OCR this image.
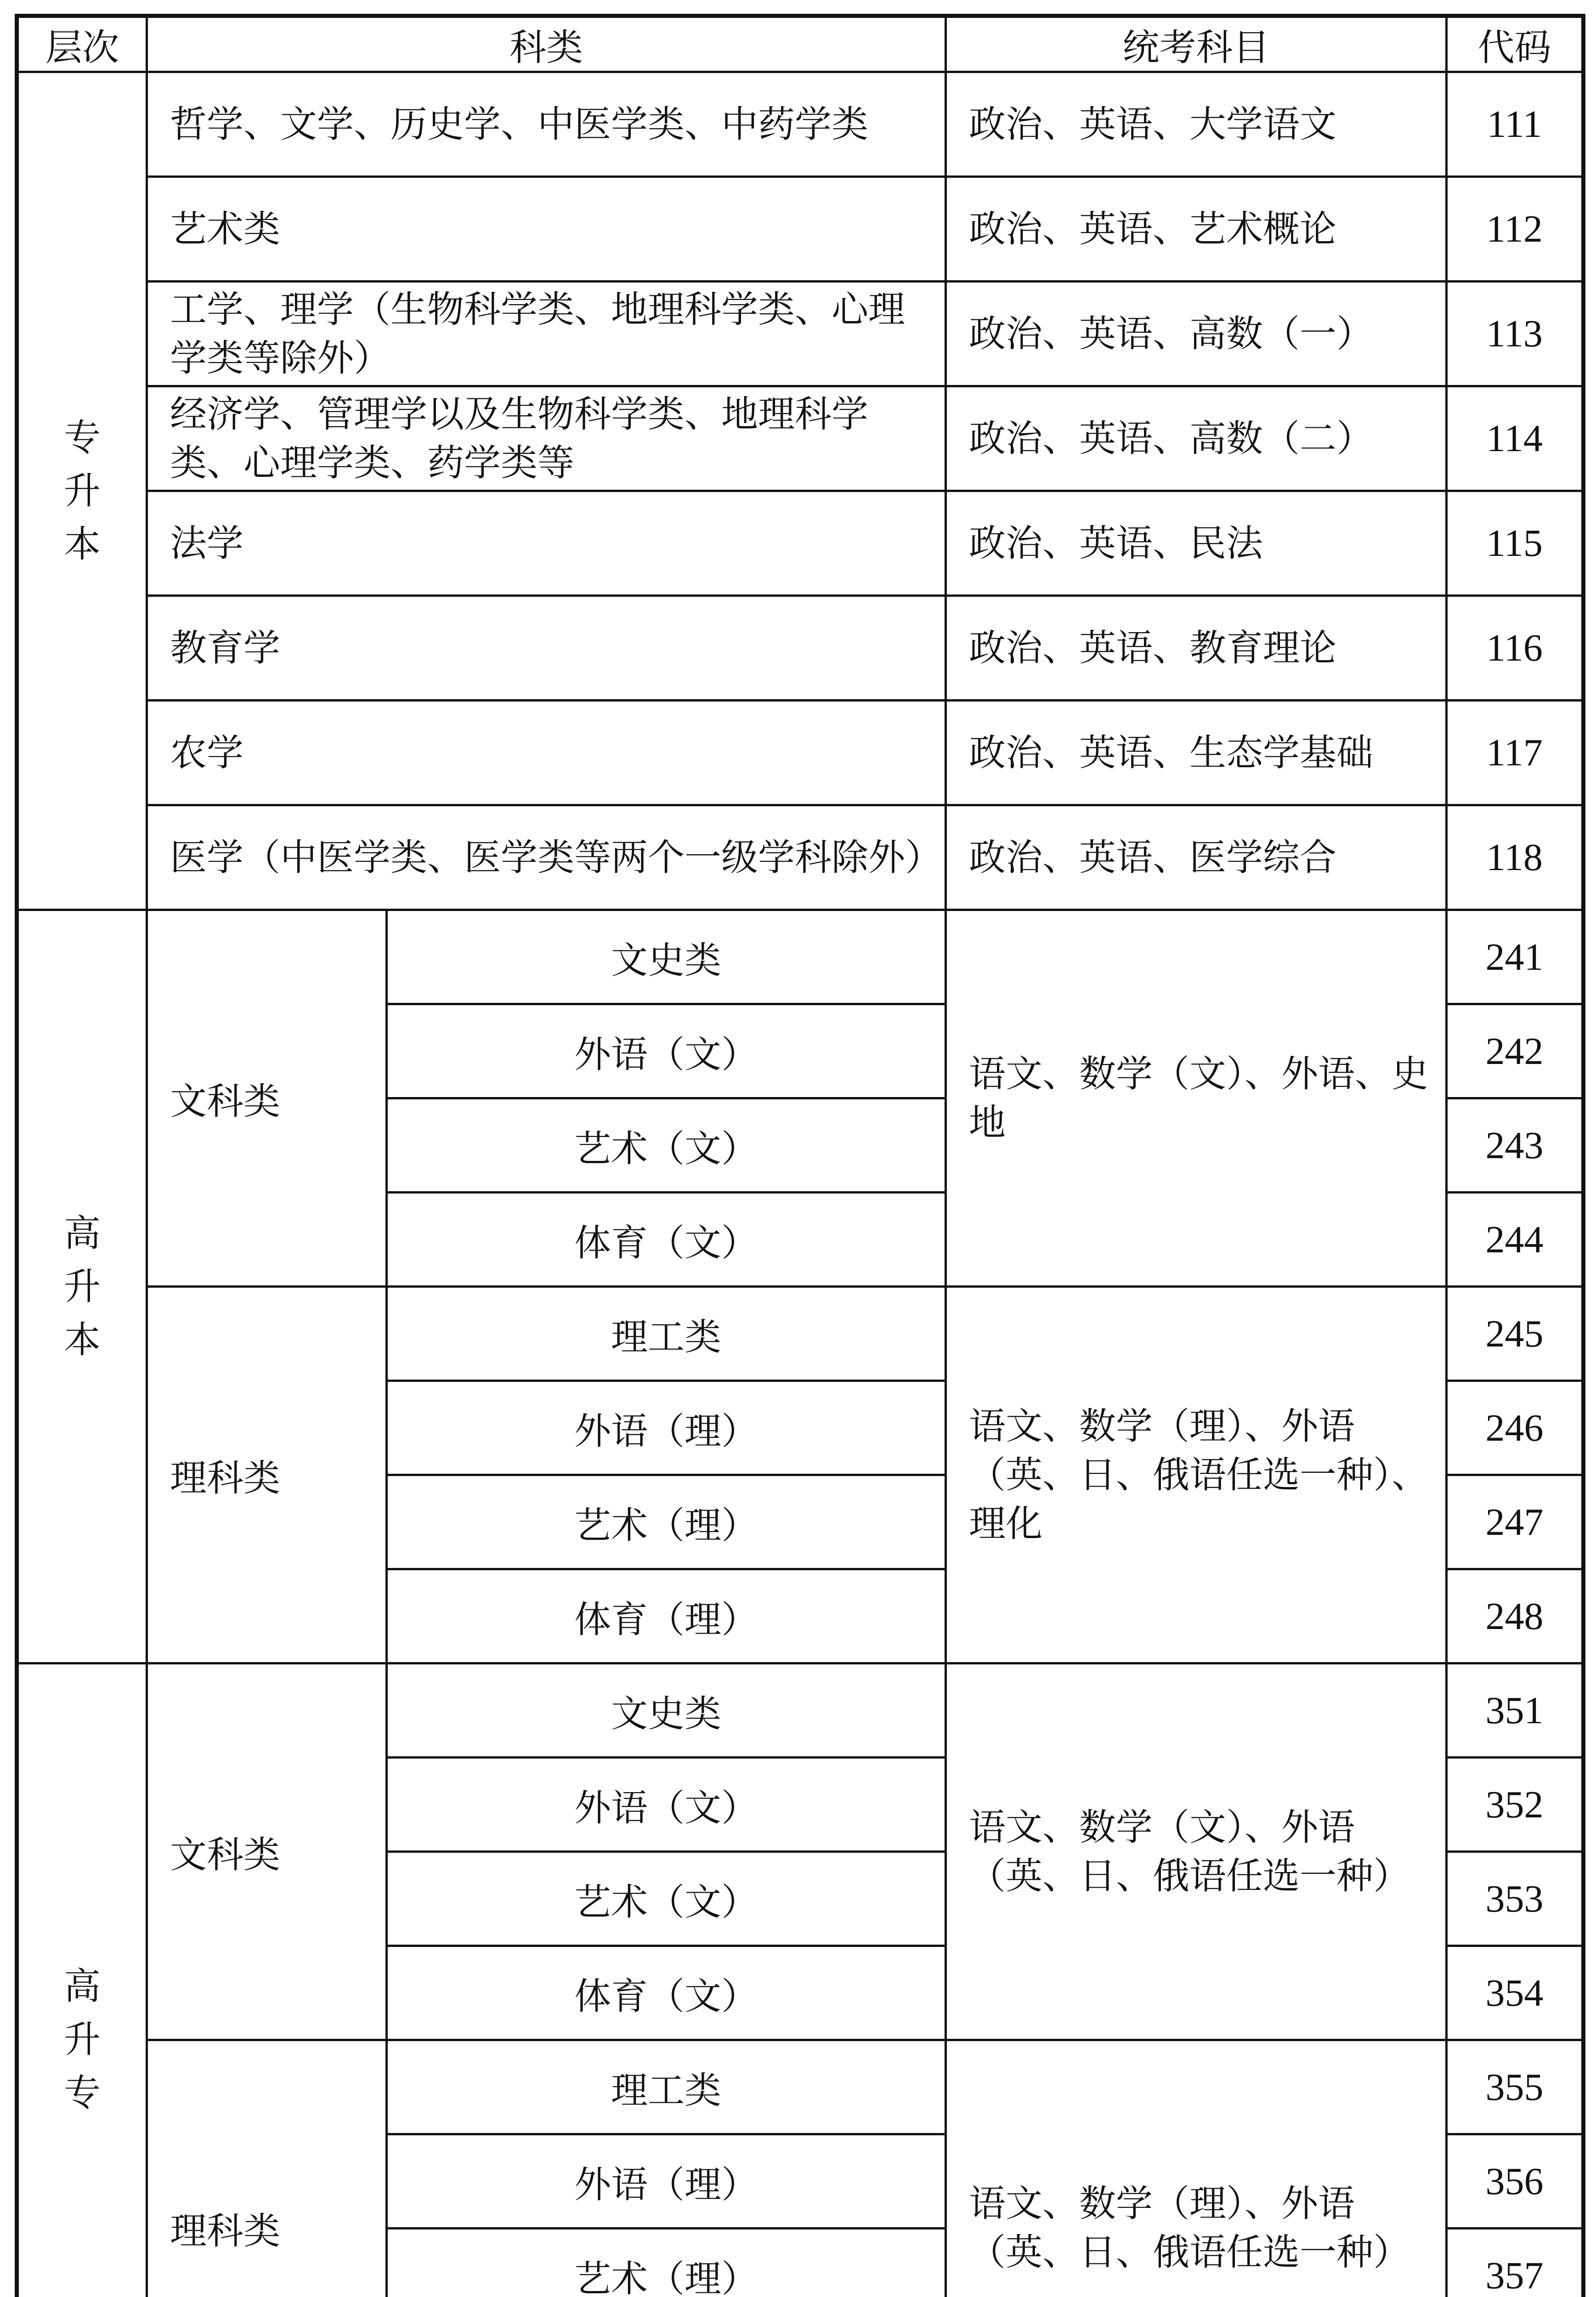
层次	科类		统考科目	代码

专
升
本	哲学、文学、历史学、中医学类、中药学类		政治、英语、大学语文	111
	艺术类		政治、英语、艺术概论	112
	工学、理学（生物科学类、地理科学类、心理学类等除外）		政治、英语、高数（一）	113
	经济学、管理学以及生物科学类、地理科学类、心理学类、药学类等		政治、英语、高数（二）	114
	法学		政治、英语、民法	115
	教育学		政治、英语、教育理论	116
	农学		政治、英语、生态学基础	117
	医学（中医学类、医学类等两个一级学科除外）		政治、英语、医学综合	118

高
升
本	文科类	文史类	语文、数学（文）、外语、史地	241
		外语（文）		242
		艺术（文）		243
		体育（文）		244
	理科类	理工类	语文、数学（理）、外语（英、日、俄语任选一种）、理化	245
		外语（理）		246
		艺术（理）		247
		体育（理）		248

高
升
专	文科类	文史类	语文、数学（文）、外语（英、日、俄语任选一种）	351
		外语（文）		352
		艺术（文）		353
		体育（文）		354
	理科类	理工类	语文、数学（理）、外语（英、日、俄语任选一种）	355
		外语（理）		356
		艺术（理）		357
